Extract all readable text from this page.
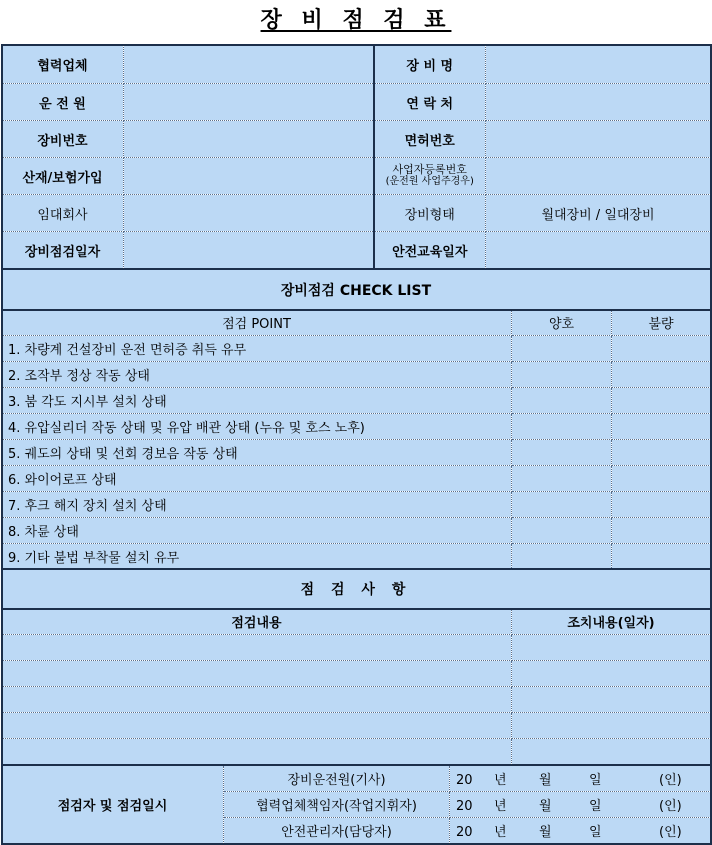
장 비 점 검 표
협력업체		장 비 명	
운 전 원		연 락 처	
장비번호		면허번호	
산재/보험가입		사업자등록번호
(운전원 사업주경우)	

임대회사		장비형태	월대장비 / 일대장비
장비점검일자		안전교육일자	
장비점검 CHECK LIST		
점검 POINT	양호	불량
1. 차량계 건설장비 운전 면허증 취득 유무		
2. 조작부 정상 작동 상태		
3. 붐 각도 지시부 설치 상태		
4. 유압실리더 작동 상태 및 유압 배관 상태 (누유 및 호스 노후)		
5. 궤도의 상태 및 선회 경보음 작동 상태		
6. 와이어로프 상태		
7. 후크 해지 장치 설치 상태		
8. 차륜 상태		
9. 기타 불법 부착물 설치 유무		
점 검 사 항	
점검내용	조치내용(일자)

점검자 및 점검일시	장비운전원(기사)	20 년 월 일 (인)
	협력업체책임자(작업지휘자)	20 년 월 일 (인)
	안전관리자(담당자)	20 년 월 일 (인)
